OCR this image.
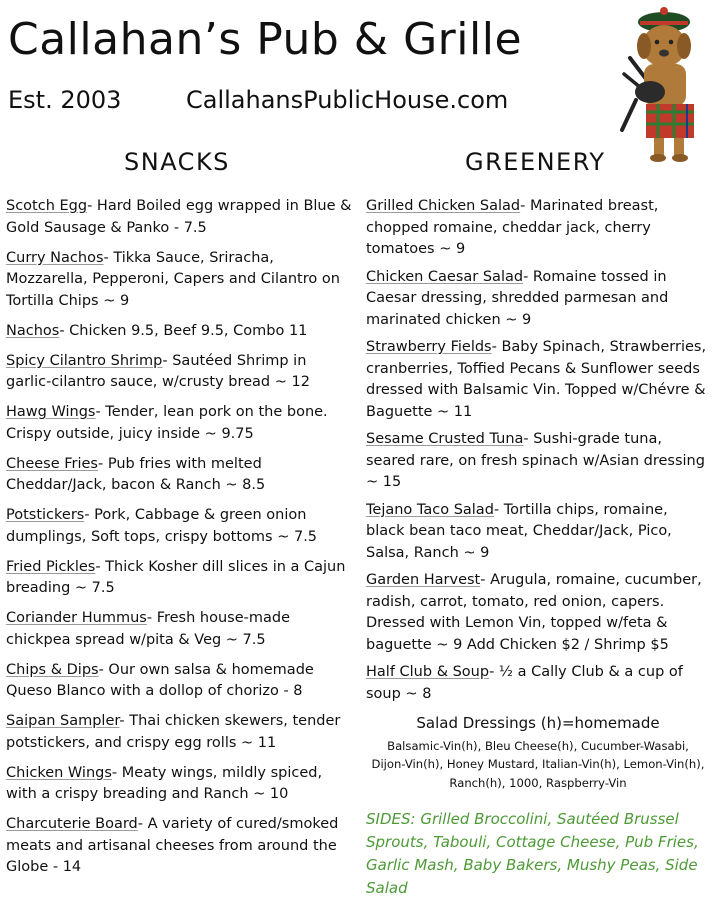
Callahan’s Pub & Grille
Est. 2003	CallahansPublicHouse.com
SNACKS	GREENERY
Scotch Egg- Hard Boiled egg wrapped in Blue & Gold Sausage & Panko - 7.5
Curry Nachos- Tikka Sauce, Sriracha, Mozzarella, Pepperoni, Capers and Cilantro on Tortilla Chips ~ 9
Nachos- Chicken 9.5, Beef 9.5, Combo 11
Spicy Cilantro Shrimp- Sautéed Shrimp in garlic-cilantro sauce, w/crusty bread ~ 12
Hawg Wings- Tender, lean pork on the bone. Crispy outside, juicy inside ~ 9.75
Cheese Fries- Pub fries with melted Cheddar/Jack, bacon & Ranch ~ 8.5
Potstickers- Pork, Cabbage & green onion dumplings, Soft tops, crispy bottoms ~ 7.5
Fried Pickles- Thick Kosher dill slices in a Cajun breading ~ 7.5
Coriander Hummus- Fresh house-made chickpea spread w/pita & Veg ~ 7.5
Chips & Dips- Our own salsa & homemade Queso Blanco with a dollop of chorizo - 8
Saipan Sampler- Thai chicken skewers, tender potstickers, and crispy egg rolls ~ 11
Chicken Wings- Meaty wings, mildly spiced, with a crispy breading and Ranch ~ 10
Charcuterie Board- A variety of cured/smoked meats and artisanal cheeses from around the Globe - 14
Grilled Chicken Salad- Marinated breast, chopped romaine, cheddar jack, cherry tomatoes ~ 9
Chicken Caesar Salad- Romaine tossed in Caesar dressing, shredded parmesan and marinated chicken ~ 9
Strawberry Fields- Baby Spinach, Strawberries, cranberries, Toffied Pecans & Sunflower seeds dressed with Balsamic Vin. Topped w/Chévre & Baguette ~ 11
Sesame Crusted Tuna- Sushi-grade tuna, seared rare, on fresh spinach w/Asian dressing ~ 15
Tejano Taco Salad- Tortilla chips, romaine, black bean taco meat, Cheddar/Jack, Pico, Salsa, Ranch ~ 9
Garden Harvest- Arugula, romaine, cucumber, radish, carrot, tomato, red onion, capers. Dressed with Lemon Vin, topped w/feta & baguette ~ 9 Add Chicken $2 / Shrimp $5
Half Club & Soup- ½ a Cally Club & a cup of soup ~ 8
Salad Dressings (h)=homemade
Balsamic-Vin(h), Bleu Cheese(h), Cucumber-Wasabi, Dijon-Vin(h), Honey Mustard, Italian-Vin(h), Lemon-Vin(h), Ranch(h), 1000, Raspberry-Vin
SIDES: Grilled Broccolini, Sautéed Brussel Sprouts, Tabouli, Cottage Cheese, Pub Fries, Garlic Mash, Baby Bakers, Mushy Peas, Side Salad
